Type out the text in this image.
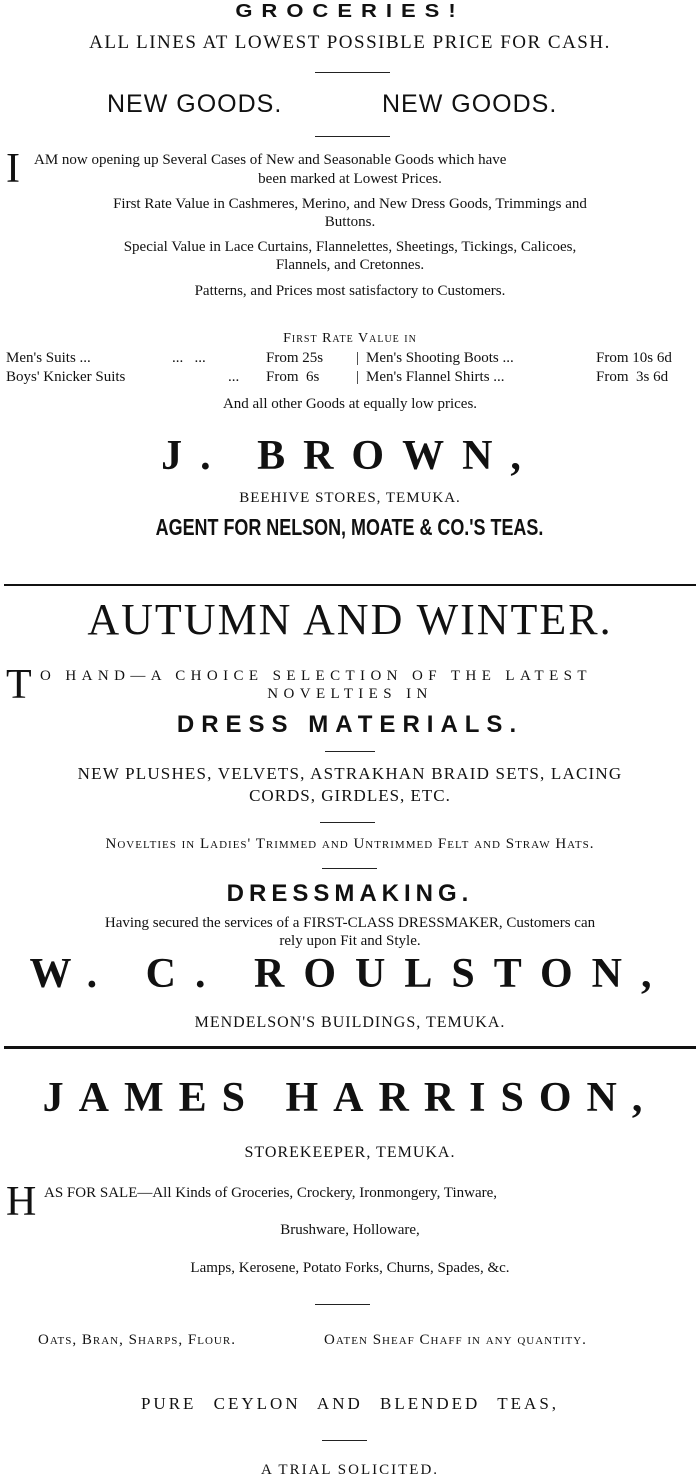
GROCERIES!
ALL LINES AT LOWEST POSSIBLE PRICE FOR CASH.
NEW GOODS.	NEW GOODS.
I AM now opening up Several Cases of New and Seasonable Goods which have
been marked at Lowest Prices.
First Rate Value in Cashmeres, Merino, and New Dress Goods, Trimmings and
Buttons.
Special Value in Lace Curtains, Flannelettes, Sheetings, Tickings, Calicoes,
Flannels, and Cretonnes.
Patterns, and Prices most satisfactory to Customers.
First Rate Value in
Men's Suits ...	...   ...	From 25s | Men's Shooting Boots ...	From 10s 6d
Boys' Knicker Suits	... From  6s | Men's Flannel Shirts ...	From  3s 6d
And all other Goods at equally low prices.
J. BROWN,
BEEHIVE STORES, TEMUKA.
AGENT FOR NELSON, MOATE & CO.'S TEAS.
AUTUMN AND WINTER.
T O HAND—A CHOICE SELECTION OF THE LATEST
NOVELTIES IN
DRESS MATERIALS.
NEW PLUSHES, VELVETS, ASTRAKHAN BRAID SETS, LACING
CORDS, GIRDLES, ETC.
Novelties in Ladies' Trimmed and Untrimmed Felt and Straw Hats.
DRESSMAKING.
Having secured the services of a FIRST-CLASS DRESSMAKER, Customers can
rely upon Fit and Style.
W. C. ROULSTON,
MENDELSON'S BUILDINGS, TEMUKA.
JAMES HARRISON,
STOREKEEPER, TEMUKA.
H AS FOR SALE—All Kinds of Groceries, Crockery, Ironmongery, Tinware,
Brushware, Holloware,
Lamps, Kerosene, Potato Forks, Churns, Spades, &c.
Oats, Bran, Sharps, Flour.	Oaten Sheaf Chaff in any quantity.
PURE CEYLON AND BLENDED TEAS,
A TRIAL SOLICITED.
